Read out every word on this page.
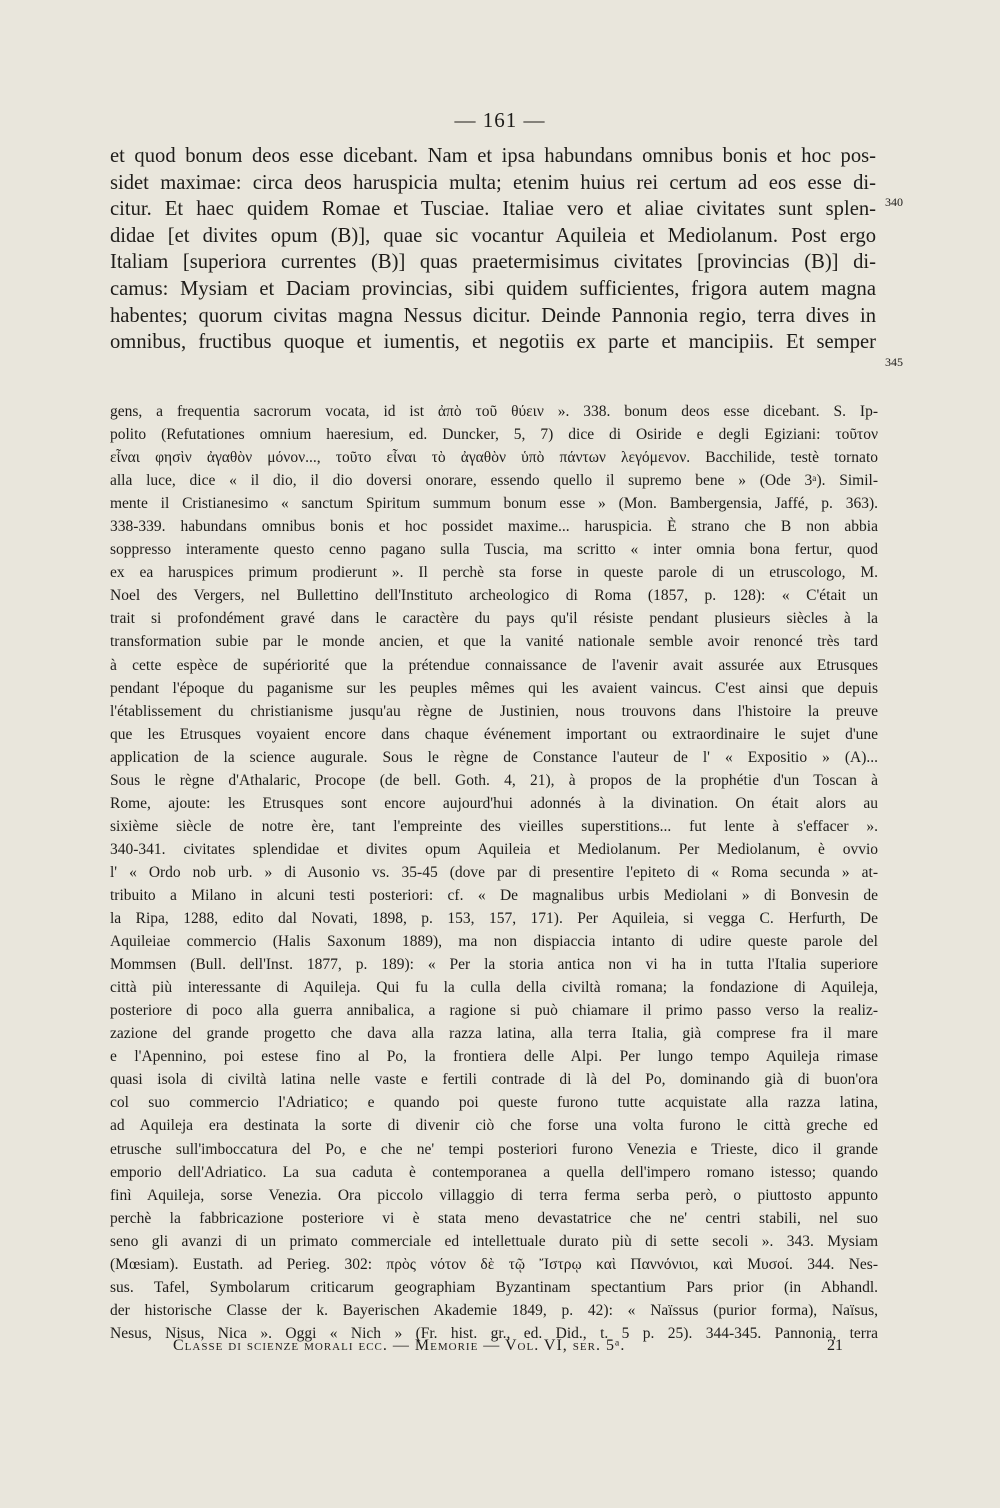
— 161 —
et quod bonum deos esse dicebant. Nam et ipsa habundans omnibus bonis et hoc pos-
sidet maximae: circa deos haruspicia multa; etenim huius rei certum ad eos esse di-
citur. Et haec quidem Romae et Tusciae. Italiae vero et aliae civitates sunt splen-
didae [et divites opum (B)], quae sic vocantur Aquileia et Mediolanum. Post ergo
Italiam [superiora currentes (B)] quas praetermisimus civitates [provincias (B)] di-
camus: Mysiam et Daciam provincias, sibi quidem sufficientes, frigora autem magna
habentes; quorum civitas magna Nessus dicitur. Deinde Pannonia regio, terra dives in
omnibus, fructibus quoque et iumentis, et negotiis ex parte et mancipiis. Et semper
340
345
gens, a frequentia sacrorum vocata, id ist ἀπὸ τοῦ θύειν ». 338. bonum deos esse dicebant. S. Ip-
polito (Refutationes omnium haeresium, ed. Duncker, 5, 7) dice di Osiride e degli Egiziani: τοῦτον
εἶναι φησὶν ἀγαθὸν μόνον..., τοῦτο εἶναι τὸ ἀγαθὸν ὑπὸ πάντων λεγόμενον. Bacchilide, testè tornato
alla luce, dice « il dio, il dio doversi onorare, essendo quello il supremo bene » (Ode 3ᵃ). Simil-
mente il Cristianesimo « sanctum Spiritum summum bonum esse » (Mon. Bambergensia, Jaffé, p. 363).
338-339. habundans omnibus bonis et hoc possidet maxime... haruspicia. È strano che B non abbia
soppresso interamente questo cenno pagano sulla Tuscia, ma scritto « inter omnia bona fertur, quod
ex ea haruspices primum prodierunt ». Il perchè sta forse in queste parole di un etruscologo, M.
Noel des Vergers, nel Bullettino dell'Instituto archeologico di Roma (1857, p. 128): « C'était un
trait si profondément gravé dans le caractère du pays qu'il résiste pendant plusieurs siècles à la
transformation subie par le monde ancien, et que la vanité nationale semble avoir renoncé très tard
à cette espèce de supériorité que la prétendue connaissance de l'avenir avait assurée aux Etrusques
pendant l'époque du paganisme sur les peuples mêmes qui les avaient vaincus. C'est ainsi que depuis
l'établissement du christianisme jusqu'au règne de Justinien, nous trouvons dans l'histoire la preuve
que les Etrusques voyaient encore dans chaque événement important ou extraordinaire le sujet d'une
application de la science augurale. Sous le règne de Constance l'auteur de l' « Expositio » (A)...
Sous le règne d'Athalaric, Procope (de bell. Goth. 4, 21), à propos de la prophétie d'un Toscan à
Rome, ajoute: les Etrusques sont encore aujourd'hui adonnés à la divination. On était alors au
sixième siècle de notre ère, tant l'empreinte des vieilles superstitions... fut lente à s'effacer ».
340-341. civitates splendidae et divites opum Aquileia et Mediolanum. Per Mediolanum, è ovvio
l' « Ordo nob urb. » di Ausonio vs. 35-45 (dove par di presentire l'epiteto di « Roma secunda » at-
tribuito a Milano in alcuni testi posteriori: cf. « De magnalibus urbis Mediolani » di Bonvesin de
la Ripa, 1288, edito dal Novati, 1898, p. 153, 157, 171). Per Aquileia, si vegga C. Herfurth, De
Aquileiae commercio (Halis Saxonum 1889), ma non dispiaccia intanto di udire queste parole del
Mommsen (Bull. dell'Inst. 1877, p. 189): « Per la storia antica non vi ha in tutta l'Italia superiore
città più interessante di Aquileja. Qui fu la culla della civiltà romana; la fondazione di Aquileja,
posteriore di poco alla guerra annibalica, a ragione si può chiamare il primo passo verso la realiz-
zazione del grande progetto che dava alla razza latina, alla terra Italia, già comprese fra il mare
e l'Apennino, poi estese fino al Po, la frontiera delle Alpi. Per lungo tempo Aquileja rimase
quasi isola di civiltà latina nelle vaste e fertili contrade di là del Po, dominando già di buon'ora
col suo commercio l'Adriatico; e quando poi queste furono tutte acquistate alla razza latina,
ad Aquileja era destinata la sorte di divenir ciò che forse una volta furono le città greche ed
etrusche sull'imboccatura del Po, e che ne' tempi posteriori furono Venezia e Trieste, dico il grande
emporio dell'Adriatico. La sua caduta è contemporanea a quella dell'impero romano istesso; quando
finì Aquileja, sorse Venezia. Ora piccolo villaggio di terra ferma serba però, o piuttosto appunto
perchè la fabbricazione posteriore vi è stata meno devastatrice che ne' centri stabili, nel suo
seno gli avanzi di un primato commerciale ed intellettuale durato più di sette secoli ». 343. Mysiam
(Mœsiam). Eustath. ad Perieg. 302: πρὸς νότον δὲ τῷ Ἴστρῳ καὶ Παννόνιοι, καὶ Μυσοί. 344. Nes-
sus. Tafel, Symbolarum criticarum geographiam Byzantinam spectantium Pars prior (in Abhandl.
der historische Classe der k. Bayerischen Akademie 1849, p. 42): « Naïssus (purior forma), Naïsus,
Nesus, Nisus, Nica ». Oggi « Nich » (Fr. hist. gr., ed. Did., t. 5 p. 25). 344-345. Pannonia, terra
Classe di scienze morali ecc. — Memorie — Vol. VI, ser. 5ᵃ.	21
